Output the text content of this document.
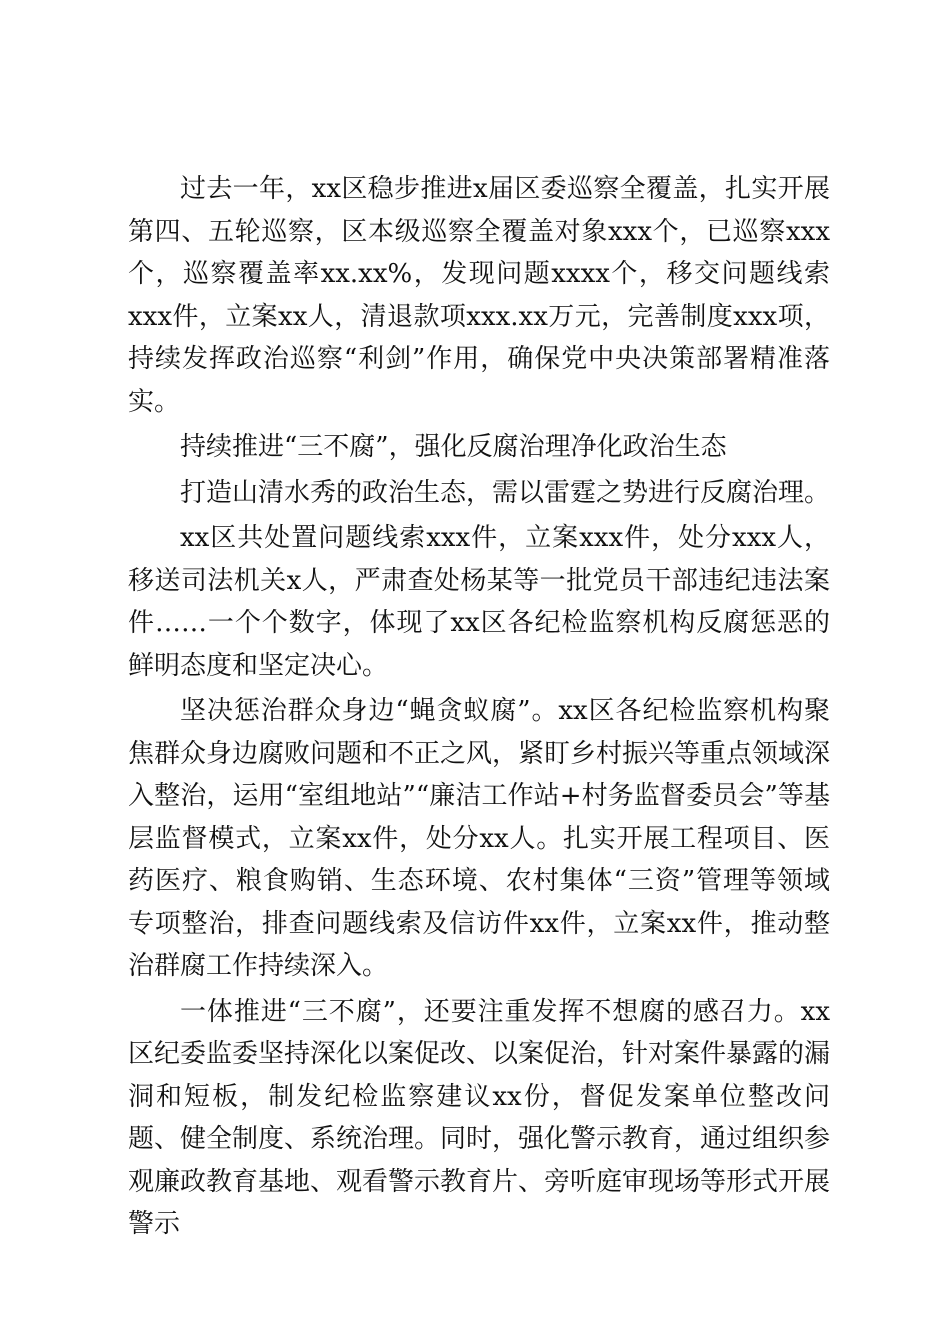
过去一年，xx区稳步推进x届区委巡察全覆盖，扎实开展第四、五轮巡察，区本级巡察全覆盖对象xxx个，已巡察xxx个，巡察覆盖率xx.xx%，发现问题xxxx个，移交问题线索xxx件，立案xx人，清退款项xxx.xx万元，完善制度xxx项，持续发挥政治巡察“利剑”作用，确保党中央决策部署精准落实。

持续推进“三不腐”，强化反腐治理净化政治生态

打造山清水秀的政治生态，需以雷霆之势进行反腐治理。

xx区共处置问题线索xxx件，立案xxx件，处分xxx人，移送司法机关x人，严肃查处杨某等一批党员干部违纪违法案件……一个个数字，体现了xx区各纪检监察机构反腐惩恶的鲜明态度和坚定决心。

坚决惩治群众身边“蝇贪蚁腐”。xx区各纪检监察机构聚焦群众身边腐败问题和不正之风，紧盯乡村振兴等重点领域深入整治，运用“室组地站”“廉洁工作站+村务监督委员会”等基层监督模式，立案xx件，处分xx人。扎实开展工程项目、医药医疗、粮食购销、生态环境、农村集体“三资”管理等领域专项整治，排查问题线索及信访件xx件，立案xx件，推动整治群腐工作持续深入。

一体推进“三不腐”，还要注重发挥不想腐的感召力。xx区纪委监委坚持深化以案促改、以案促治，针对案件暴露的漏洞和短板，制发纪检监察建议xx份，督促发案单位整改问题、健全制度、系统治理。同时，强化警示教育，通过组织参观廉政教育基地、观看警示教育片、旁听庭审现场等形式开展警示
